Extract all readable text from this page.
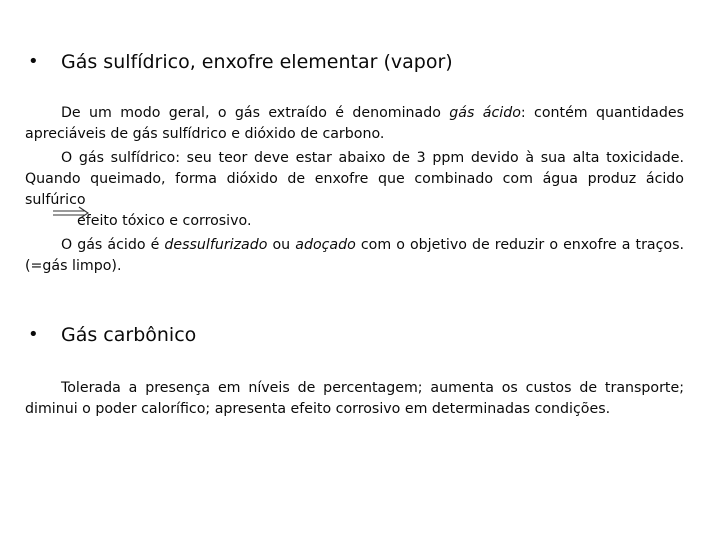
• Gás sulfídrico, enxofre elementar (vapor)
De um modo geral, o gás extraído é denominado gás ácido: contém quantidades apreciáveis de gás sulfídrico e dióxido de carbono.
O gás sulfídrico: seu teor deve estar abaixo de 3 ppm devido à sua alta toxicidade. Quando queimado, forma dióxido de enxofre que combinado com água produz ácido sulfúrico
efeito tóxico e corrosivo.
O gás ácido é dessulfurizado ou adoçado com o objetivo de reduzir o enxofre a traços. (=gás limpo).
• Gás carbônico
Tolerada a presença em níveis de percentagem; aumenta os custos de transporte; diminui o poder calorífico; apresenta efeito corrosivo em determinadas condições.
